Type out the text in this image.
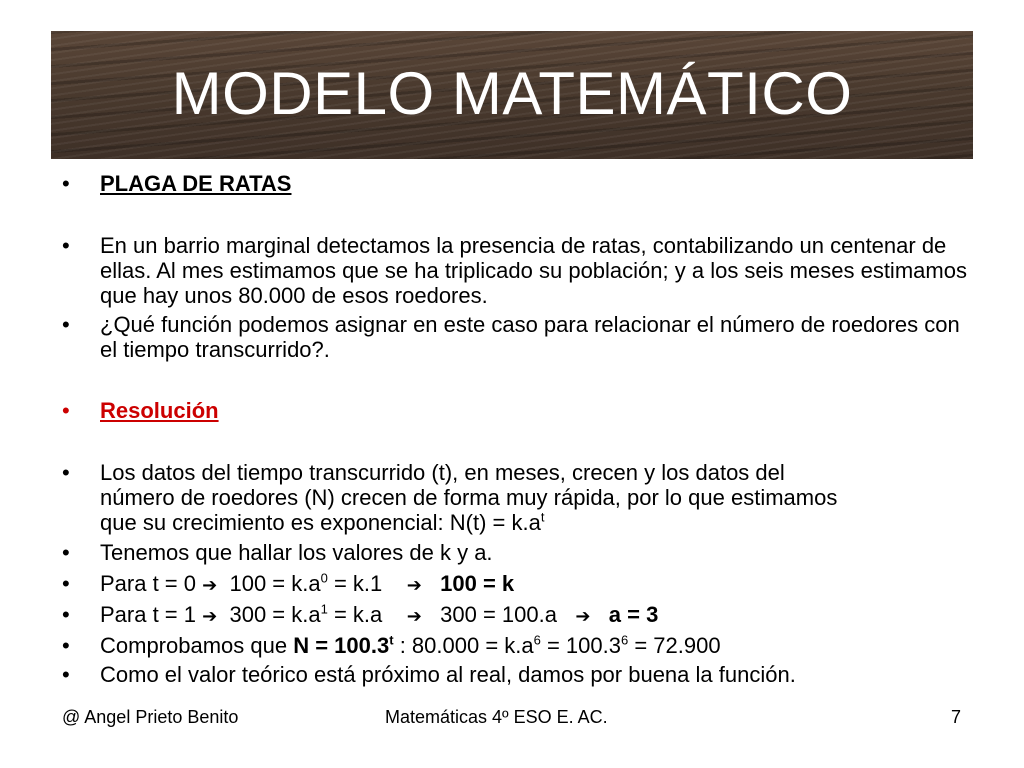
MODELO MATEMÁTICO
•	PLAGA DE RATAS
•	En un barrio marginal detectamos la presencia de ratas, contabilizando un centenar de ellas. Al mes estimamos que se ha triplicado su población; y a los seis meses estimamos que hay unos 80.000 de esos roedores.
•	¿Qué función podemos asignar en este caso para relacionar el número de roedores con el tiempo transcurrido?.
•	Resolución
•	Los datos del tiempo transcurrido (t), en meses, crecen y los datos del
número de roedores (N) crecen de forma muy rápida, por lo que estimamos
que su crecimiento es exponencial: $N(t) = k.a^t$
•	Tenemos que hallar los valores de k y a.
•	Para t = 0 ➔ $100 = k.a^0 = k.1$ ➔ 100 = k
•	Para t = 1 ➔ $300 = k.a^1 = k.a$ ➔ 300 = 100.a ➔ a = 3
•	Comprobamos que $N = 100.3^t$ : $80.000 = k.a^6 = 100.3^6 = 72.900$
•	Como el valor teórico está próximo al real, damos por buena la función.
@ Angel Prieto Benito	Matemáticas 4º ESO E. AC.	7
